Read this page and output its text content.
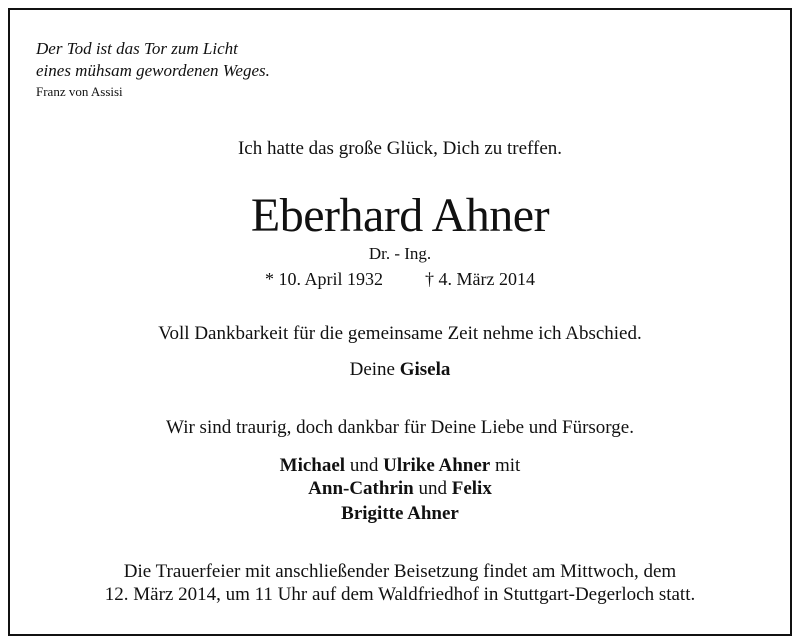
Der Tod ist das Tor zum Licht
eines mühsam gewordenen Weges.
Franz von Assisi
Ich hatte das große Glück, Dich zu treffen.
Eberhard Ahner
Dr. - Ing.
* 10. April 1932 † 4. März 2014
Voll Dankbarkeit für die gemeinsame Zeit nehme ich Abschied.
Deine Gisela
Wir sind traurig, doch dankbar für Deine Liebe und Fürsorge.
Michael und Ulrike Ahner mit
Ann-Cathrin und Felix
Brigitte Ahner
Die Trauerfeier mit anschließender Beisetzung findet am Mittwoch, dem
12. März 2014, um 11 Uhr auf dem Waldfriedhof in Stuttgart-Degerloch statt.
